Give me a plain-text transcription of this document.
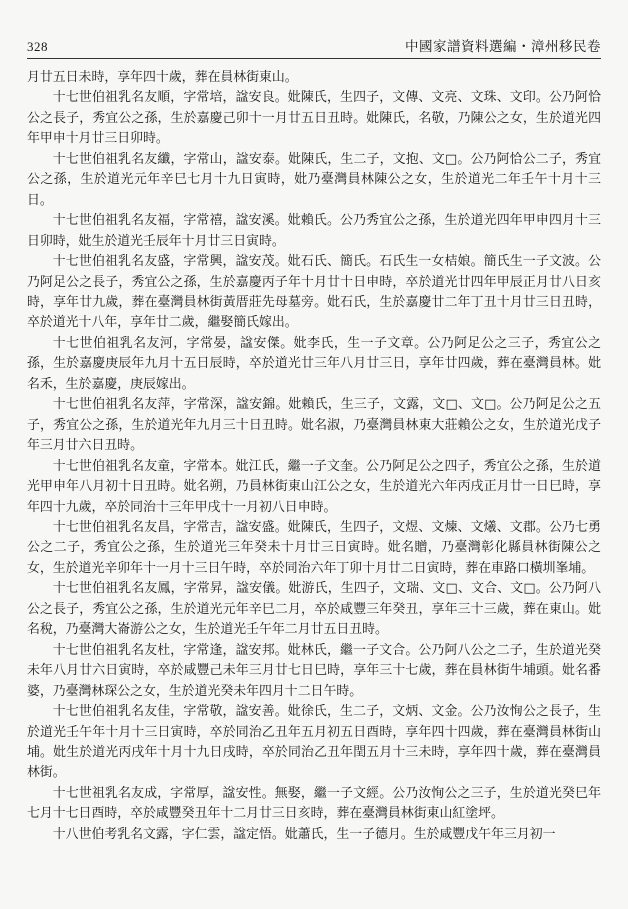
328	中國家譜資料選編・漳州移民卷

月廿五日未時，享年四十歲，葬在員林街東山。

十七世伯祖乳名友順，字常培，諡安良。妣陳氏，生四子，文傳、文亮、文珠、文印。公乃阿恰公之長子，秀宜公之孫，生於嘉慶己卯十一月廿五日丑時。妣陳氏，名敬，乃陳公之女，生於道光四年甲申十月廿三日卯時。

十七世伯祖乳名友纖，字常山，諡安泰。妣陳氏，生二子，文抱、文□。公乃阿恰公二子，秀宜公之孫，生於道光元年辛巳七月十九日寅時，妣乃臺灣員林陳公之女，生於道光二年壬午十月十三日。

十七世伯祖乳名友福，字常禧，諡安溪。妣賴氏。公乃秀宜公之孫，生於道光四年甲申四月十三日卯時，妣生於道光壬辰年十月廿三日寅時。

十七世伯祖乳名友盛，字常興，諡安茂。妣石氏、簡氏。石氏生一女桔娘。簡氏生一子文波。公乃阿足公之長子，秀宜公之孫，生於嘉慶丙子年十月廿十日申時，卒於道光廿四年甲辰正月廿八日亥時，享年廿九歲，葬在臺灣員林街黃厝莊先母墓旁。妣石氏，生於嘉慶廿二年丁丑十月廿三日丑時，卒於道光十八年，享年廿二歲，繼娶簡氏嫁出。

十七世伯祖乳名友河，字常晏，諡安傑。妣李氏，生一子文章。公乃阿足公之三子，秀宜公之孫，生於嘉慶庚辰年九月十五日辰時，卒於道光廿三年八月廿三日，享年廿四歲，葬在臺灣員林。妣名禾，生於嘉慶，庚辰嫁出。

十七世伯祖乳名友萍，字常深，諡安錦。妣賴氏，生三子，文露，文□、文□。公乃阿足公之五子，秀宜公之孫，生於道光年九月三十日丑時。妣名淑，乃臺灣員林東大莊賴公之女，生於道光戊子年三月廿六日丑時。

十七世伯祖乳名友童，字常本。妣江氏，繼一子文奎。公乃阿足公之四子，秀宜公之孫，生於道光甲申年八月初十日丑時。妣名朔，乃員林街東山江公之女，生於道光六年丙戌正月廿一日巳時，享年四十九歲，卒於同治十三年甲戌十一月初八日申時。

十七世伯祖乳名友昌，字常吉，諡安盛。妣陳氏，生四子，文煜、文煉、文爔、文郡。公乃七勇公之二子，秀宜公之孫，生於道光三年癸未十月廿三日寅時。妣名贈，乃臺灣彰化縣員林街陳公之女，生於道光辛卯年十一月十三日午時，卒於同治六年丁卯十月廿二日寅時，葬在車路口橫圳峯埔。

十七世伯祖乳名友鳳，字常昇，諡安儀。妣游氏，生四子，文瑞、文□、文合、文□。公乃阿八公之長子，秀宜公之孫，生於道光元年辛巳二月，卒於咸豐三年癸丑，享年三十三歲，葬在東山。妣名稅，乃臺灣大崙游公之女，生於道光壬午年二月廿五日丑時。

十七世伯祖乳名友杜，字常逢，諡安邦。妣林氏，繼一子文合。公乃阿八公之二子，生於道光癸未年八月廿六日寅時，卒於咸豐己未年三月廿七日巳時，享年三十七歲，葬在員林街牛埔頭。妣名番婆，乃臺灣林琛公之女，生於道光癸未年四月十二日午時。

十七世伯祖乳名友佳，字常敬，諡安善。妣徐氏，生二子，文炳、文金。公乃汝恂公之長子，生於道光壬午年十月十三日寅時，卒於同治乙丑年五月初五日酉時，享年四十四歲，葬在臺灣員林街山埔。妣生於道光丙戌年十月十九日戌時，卒於同治乙丑年閏五月十三未時，享年四十歲，葬在臺灣員林街。

十七世祖乳名友成，字常厚，諡安性。無娶，繼一子文經。公乃汝恂公之三子，生於道光癸巳年七月十七日酉時，卒於咸豐癸丑年十二月廿三日亥時，葬在臺灣員林街東山紅塗坪。

十八世伯考乳名文露，字仁雲，諡定悟。妣蕭氏，生一子德月。生於咸豐戊午年三月初一
